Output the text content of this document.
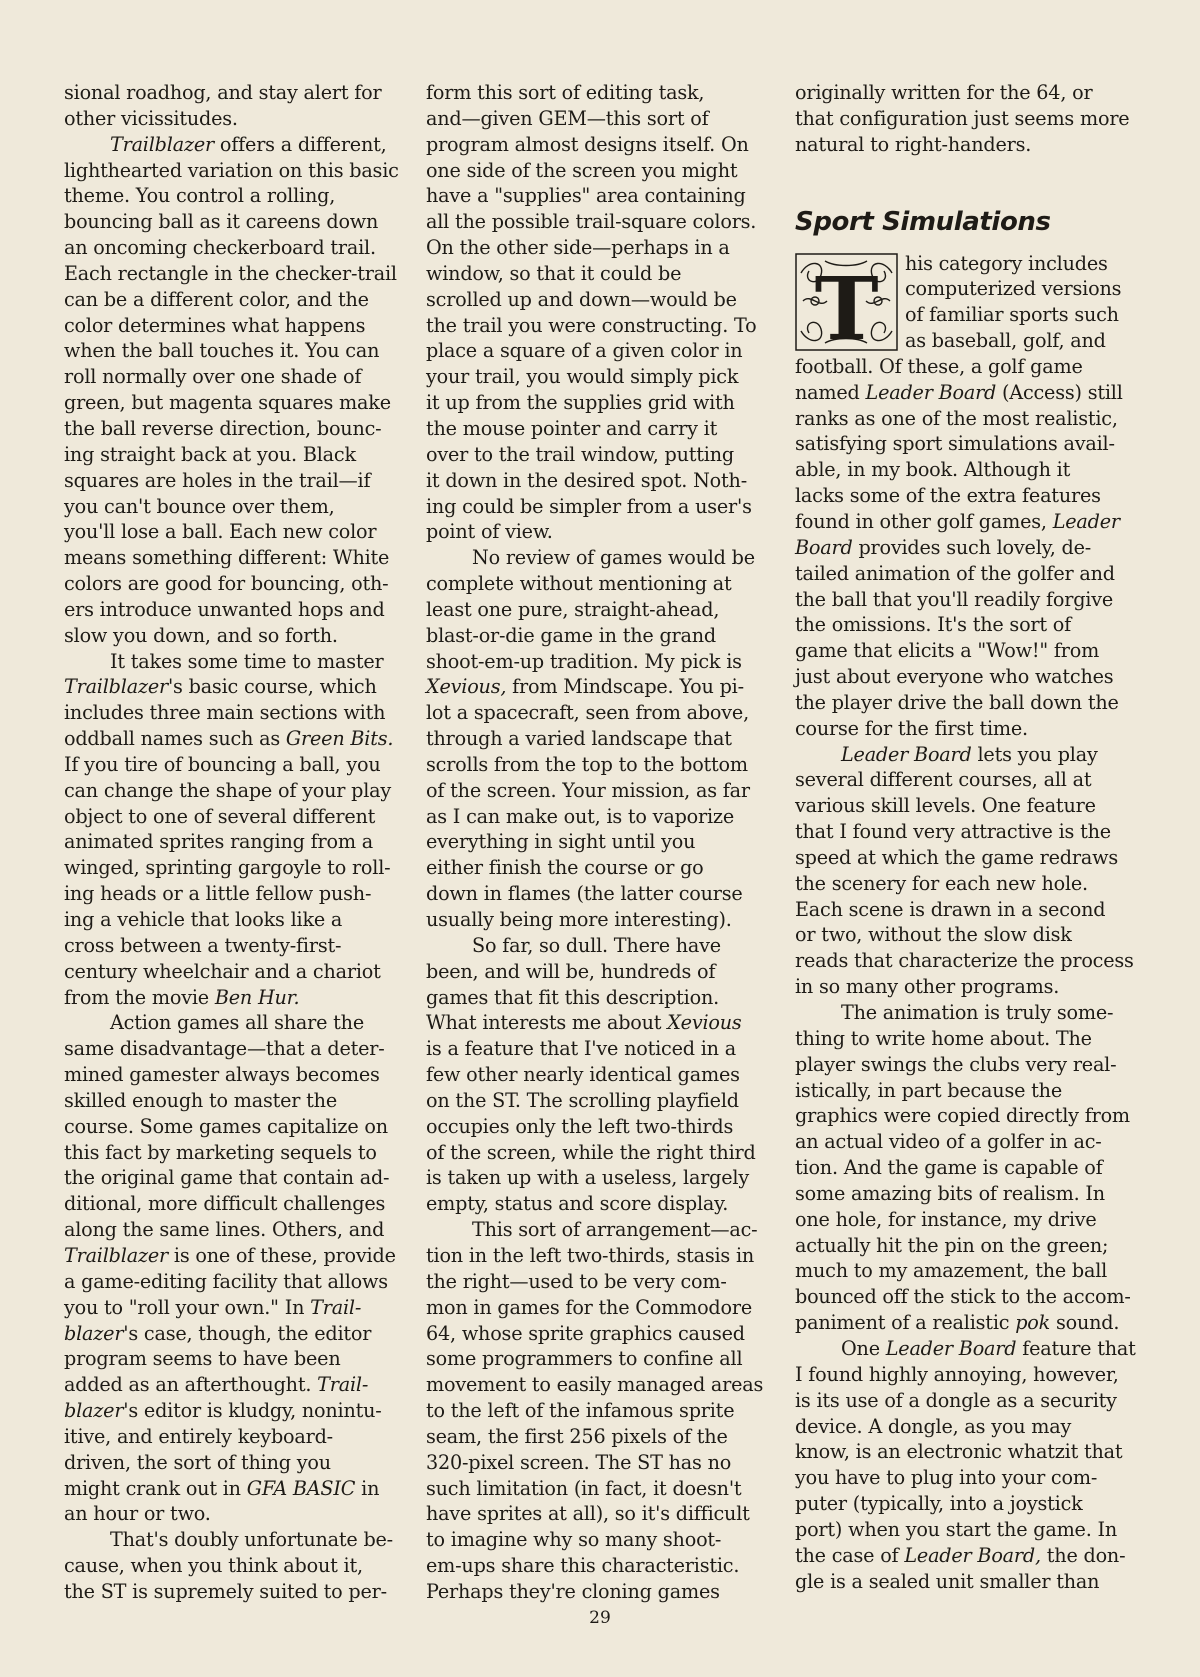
sional roadhog, and stay alert for
other vicissitudes.
Trailblazer offers a different,
lighthearted variation on this basic
theme. You control a rolling,
bouncing ball as it careens down
an oncoming checkerboard trail.
Each rectangle in the checker-trail
can be a different color, and the
color determines what happens
when the ball touches it. You can
roll normally over one shade of
green, but magenta squares make
the ball reverse direction, bounc-
ing straight back at you. Black
squares are holes in the trail—if
you can't bounce over them,
you'll lose a ball. Each new color
means something different: White
colors are good for bouncing, oth-
ers introduce unwanted hops and
slow you down, and so forth.
It takes some time to master
Trailblazer's basic course, which
includes three main sections with
oddball names such as Green Bits.
If you tire of bouncing a ball, you
can change the shape of your play
object to one of several different
animated sprites ranging from a
winged, sprinting gargoyle to roll-
ing heads or a little fellow push-
ing a vehicle that looks like a
cross between a twenty-first-
century wheelchair and a chariot
from the movie Ben Hur.
Action games all share the
same disadvantage—that a deter-
mined gamester always becomes
skilled enough to master the
course. Some games capitalize on
this fact by marketing sequels to
the original game that contain ad-
ditional, more difficult challenges
along the same lines. Others, and
Trailblazer is one of these, provide
a game-editing facility that allows
you to "roll your own." In Trail-
blazer's case, though, the editor
program seems to have been
added as an afterthought. Trail-
blazer's editor is kludgy, nonintu-
itive, and entirely keyboard-
driven, the sort of thing you
might crank out in GFA BASIC in
an hour or two.
That's doubly unfortunate be-
cause, when you think about it,
the ST is supremely suited to per-
form this sort of editing task,
and—given GEM—this sort of
program almost designs itself. On
one side of the screen you might
have a "supplies" area containing
all the possible trail-square colors.
On the other side—perhaps in a
window, so that it could be
scrolled up and down—would be
the trail you were constructing. To
place a square of a given color in
your trail, you would simply pick
it up from the supplies grid with
the mouse pointer and carry it
over to the trail window, putting
it down in the desired spot. Noth-
ing could be simpler from a user's
point of view.
No review of games would be
complete without mentioning at
least one pure, straight-ahead,
blast-or-die game in the grand
shoot-em-up tradition. My pick is
Xevious, from Mindscape. You pi-
lot a spacecraft, seen from above,
through a varied landscape that
scrolls from the top to the bottom
of the screen. Your mission, as far
as I can make out, is to vaporize
everything in sight until you
either finish the course or go
down in flames (the latter course
usually being more interesting).
So far, so dull. There have
been, and will be, hundreds of
games that fit this description.
What interests me about Xevious
is a feature that I've noticed in a
few other nearly identical games
on the ST. The scrolling playfield
occupies only the left two-thirds
of the screen, while the right third
is taken up with a useless, largely
empty, status and score display.
This sort of arrangement—ac-
tion in the left two-thirds, stasis in
the right—used to be very com-
mon in games for the Commodore
64, whose sprite graphics caused
some programmers to confine all
movement to easily managed areas
to the left of the infamous sprite
seam, the first 256 pixels of the
320-pixel screen. The ST has no
such limitation (in fact, it doesn't
have sprites at all), so it's difficult
to imagine why so many shoot-
em-ups share this characteristic.
Perhaps they're cloning games
originally written for the 64, or
that configuration just seems more
natural to right-handers.
Sport Simulations
T	his category includes
computerized versions
of familiar sports such
as baseball, golf, and
football. Of these, a golf game
named Leader Board (Access) still
ranks as one of the most realistic,
satisfying sport simulations avail-
able, in my book. Although it
lacks some of the extra features
found in other golf games, Leader
Board provides such lovely, de-
tailed animation of the golfer and
the ball that you'll readily forgive
the omissions. It's the sort of
game that elicits a "Wow!" from
just about everyone who watches
the player drive the ball down the
course for the first time.
Leader Board lets you play
several different courses, all at
various skill levels. One feature
that I found very attractive is the
speed at which the game redraws
the scenery for each new hole.
Each scene is drawn in a second
or two, without the slow disk
reads that characterize the process
in so many other programs.
The animation is truly some-
thing to write home about. The
player swings the clubs very real-
istically, in part because the
graphics were copied directly from
an actual video of a golfer in ac-
tion. And the game is capable of
some amazing bits of realism. In
one hole, for instance, my drive
actually hit the pin on the green;
much to my amazement, the ball
bounced off the stick to the accom-
paniment of a realistic pok sound.
One Leader Board feature that
I found highly annoying, however,
is its use of a dongle as a security
device. A dongle, as you may
know, is an electronic whatzit that
you have to plug into your com-
puter (typically, into a joystick
port) when you start the game. In
the case of Leader Board, the don-
gle is a sealed unit smaller than
29
